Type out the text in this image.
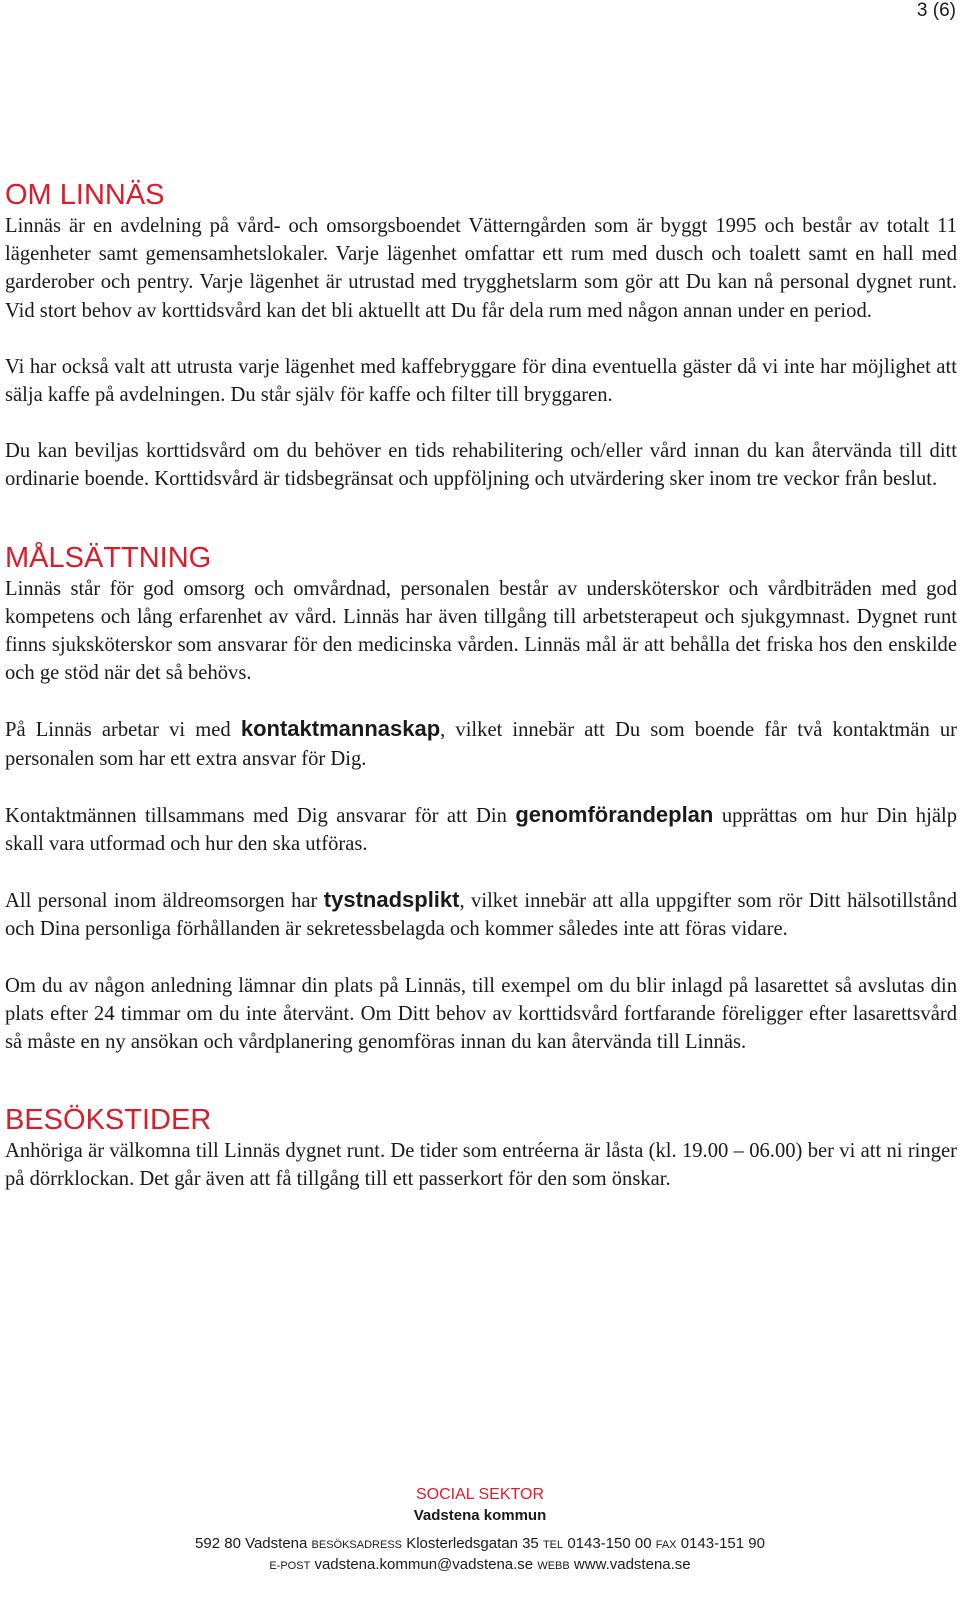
3 (6)
OM LINNÄS

Linnäs är en avdelning på vård- och omsorgsboendet Vätterngården som är byggt 1995 och består av totalt 11 lägenheter samt gemensamhetslokaler. Varje lägenhet omfattar ett rum med dusch och toalett samt en hall med garderober och pentry. Varje lägenhet är utrustad med trygghetslarm som gör att Du kan nå personal dygnet runt. Vid stort behov av korttidsvård kan det bli aktuellt att Du får dela rum med någon annan under en period.

Vi har också valt att utrusta varje lägenhet med kaffebryggare för dina eventuella gäster då vi inte har möjlighet att sälja kaffe på avdelningen. Du står själv för kaffe och filter till bryggaren.

Du kan beviljas korttidsvård om du behöver en tids rehabilitering och/eller vård innan du kan återvända till ditt ordinarie boende. Korttidsvård är tidsbegränsat och uppföljning och utvärdering sker inom tre veckor från beslut.

MÅLSÄTTNING

Linnäs står för god omsorg och omvårdnad, personalen består av undersköterskor och vårdbiträden med god kompetens och lång erfarenhet av vård. Linnäs har även tillgång till arbetsterapeut och sjukgymnast. Dygnet runt finns sjuksköterskor som ansvarar för den medicinska vården. Linnäs mål är att behålla det friska hos den enskilde och ge stöd när det så behövs.

På Linnäs arbetar vi med kontaktmannaskap, vilket innebär att Du som boende får två kontaktmän ur personalen som har ett extra ansvar för Dig.

Kontaktmännen tillsammans med Dig ansvarar för att Din genomförandeplan upprättas om hur Din hjälp skall vara utformad och hur den ska utföras.

All personal inom äldreomsorgen har tystnadsplikt, vilket innebär att alla uppgifter som rör Ditt hälsotillstånd och Dina personliga förhållanden är sekretessbelagda och kommer således inte att föras vidare.

Om du av någon anledning lämnar din plats på Linnäs, till exempel om du blir inlagd på lasarettet så avslutas din plats efter 24 timmar om du inte återvänt. Om Ditt behov av korttidsvård fortfarande föreligger efter lasarettsvård så måste en ny ansökan och vårdplanering genomföras innan du kan återvända till Linnäs.

BESÖKSTIDER

Anhöriga är välkomna till Linnäs dygnet runt. De tider som entréerna är låsta (kl. 19.00 – 06.00) ber vi att ni ringer på dörrklockan. Det går även att få tillgång till ett passerkort för den som önskar.

SOCIAL SEKTOR
Vadstena kommun
592 80 Vadstena BESÖKSADRESS Klosterledsgatan 35 TEL 0143-150 00 FAX 0143-151 90
E-POST vadstena.kommun@vadstena.se WEBB www.vadstena.se
